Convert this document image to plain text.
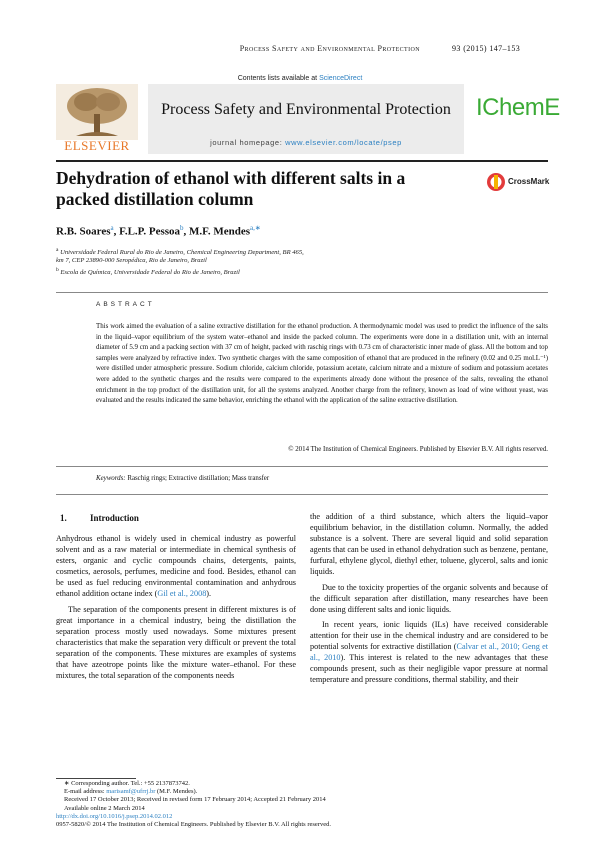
Process Safety and Environmental Protection	93 (2015) 147–153
Contents lists available at ScienceDirect
Process Safety and Environmental Protection
journal homepage: www.elsevier.com/locate/psep
ELSEVIER
IChemE
Dehydration of ethanol with different salts in a packed distillation column
CrossMark
R.B. Soares$^a$, F.L.P. Pessoa$^b$, M.F. Mendes$^{a,∗}$
$^a$ Universidade Federal Rural do Rio de Janeiro, Chemical Engineering Department, BR 465,
km 7, CEP 23890-000 Seropédica, Rio de Janeiro, Brazil
$^b$ Escola de Química, Universidade Federal do Rio de Janeiro, Brazil
ABSTRACT
This work aimed the evaluation of a saline extractive distillation for the ethanol production. A thermodynamic model was used to predict the influence of the salts in the liquid–vapor equilibrium of the system water–ethanol and inside the packed column. The experiments were done in a distillation unit, with an internal diameter of 5.9 cm and a packing section with 37 cm of height, packed with raschig rings with 0.73 cm of characteristic inner made of glass. All the bottom and top samples were analyzed by refractive index. Two synthetic charges with the same composition of ethanol that are produced in the refinery (0.02 and 0.25 mol.L⁻¹) were distilled under atmospheric pressure. Sodium chloride, calcium chloride, potassium acetate, calcium nitrate and a mixture of sodium and potassium acetates were added to the synthetic charges and the results were compared to the experiments already done without the presence of the salts, revealing the ethanol enrichment in the top product of the distillation unit, for all the systems analyzed. Another charge from the refinery, known as load of wine without yeast, was evaluated and the results indicated the same behavior, enriching the ethanol with the application of the saline extractive distillation.
© 2014 The Institution of Chemical Engineers. Published by Elsevier B.V. All rights reserved.
Keywords: Raschig rings; Extractive distillation; Mass transfer
1.	Introduction

Anhydrous ethanol is widely used in chemical industry as powerful solvent and as a raw material or intermediate in chemical synthesis of esters, organic and cyclic compounds chains, detergents, paints, cosmetics, aerosols, perfumes, medicine and food. Besides, ethanol can be used as fuel reducing environmental contamination and anhydrous ethanol addition octane index (Gil et al., 2008).

The separation of the components present in different mixtures is of great importance in a chemical industry, being the distillation the separation process mostly used nowadays. Some mixtures present characteristics that make the separation very difficult or prevent the total separation of the components. These mixtures are examples of systems that have azeotrope points like the mixture water–ethanol. For these mixtures, the total separation of the components needs

the addition of a third substance, which alters the liquid–vapor equilibrium behavior, in the distillation column. Normally, the added substance is a solvent. There are several liquid and solid separation agents that can be used in ethanol dehydration such as benzene, pentane, furfural, ethylene glycol, diethyl ether, toluene, glycerol, salts and ionic liquids.

Due to the toxicity properties of the organic solvents and because of the difficult separation after distillation, many researches have been done using different salts and ionic liquids.

In recent years, ionic liquids (ILs) have received considerable attention for their use in the chemical industry and are considered to be potential solvents for extractive distillation (Calvar et al., 2010; Geng et al., 2010). This interest is related to the new advantages that these compounds present, such as their negligible vapor pressure at normal temperature and pressure conditions, thermal stability, and their

∗ Corresponding author. Tel.: +55 2137873742.
E-mail address: marisamf@ufrrj.br (M.F. Mendes).
Received 17 October 2013; Received in revised form 17 February 2014; Accepted 21 February 2014
Available online 2 March 2014
http://dx.doi.org/10.1016/j.psep.2014.02.012
0957-5820/© 2014 The Institution of Chemical Engineers. Published by Elsevier B.V. All rights reserved.
